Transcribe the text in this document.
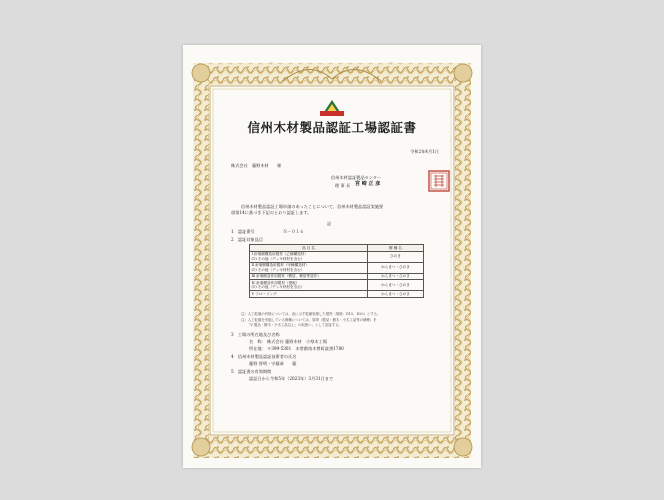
信州木材製品認証工場認証書
令和2年4月1日
株式会社　藤野木材　　様
信州木材認証製品センター
理 事 長 宮 崎 正 彦
信州木材製品認証工場申請のあったことについて、信州木材製品認証実施要
項第14に基づき下記のとおり認証します。
記
1　認証番号	Ｎ－０１６
2　認証対象品目
品 目 名	樹 種 名

Ⅰ 針葉樹構造用製材（乙種構造材）
(1) その他（デッキ材材を含む）	ひのき

Ⅱ 針葉樹構造用製材（甲種構造材）
(1) その他（デッキ材材を含む）	からまつ・ひのき

Ⅲ 針葉樹造作用製材（敷居、鴨居等造作）	からまつ・ひのき

Ⅳ 針葉樹造作用製材（壁板）
(1) その他（デッキ材材を含む）	からまつ・ひのき

Ⅴ フローリング	からまつ・ひのき
注）人工乾燥の有無については、表に示す乾燥処理した製材（規格：D15、D20）とする。
注）人工乾燥を実施している樹種については、原則（製品・樹木・小木工品等の燻煙）を
「V 製品・樹木・小木工品以上」の取扱い」として認証する。
3　工場の所在地及び名称
名　称： 株式会社 藤野木材　小県木工場
所在地： 〒399-5301　木曽郡南木曽町読書1780
4　信州木材製品認証技術者の氏名
藤野 智明・守藤恭　　藤
5　認証書の有効期間
認証日から令和5年（2023年）3月31日まで
